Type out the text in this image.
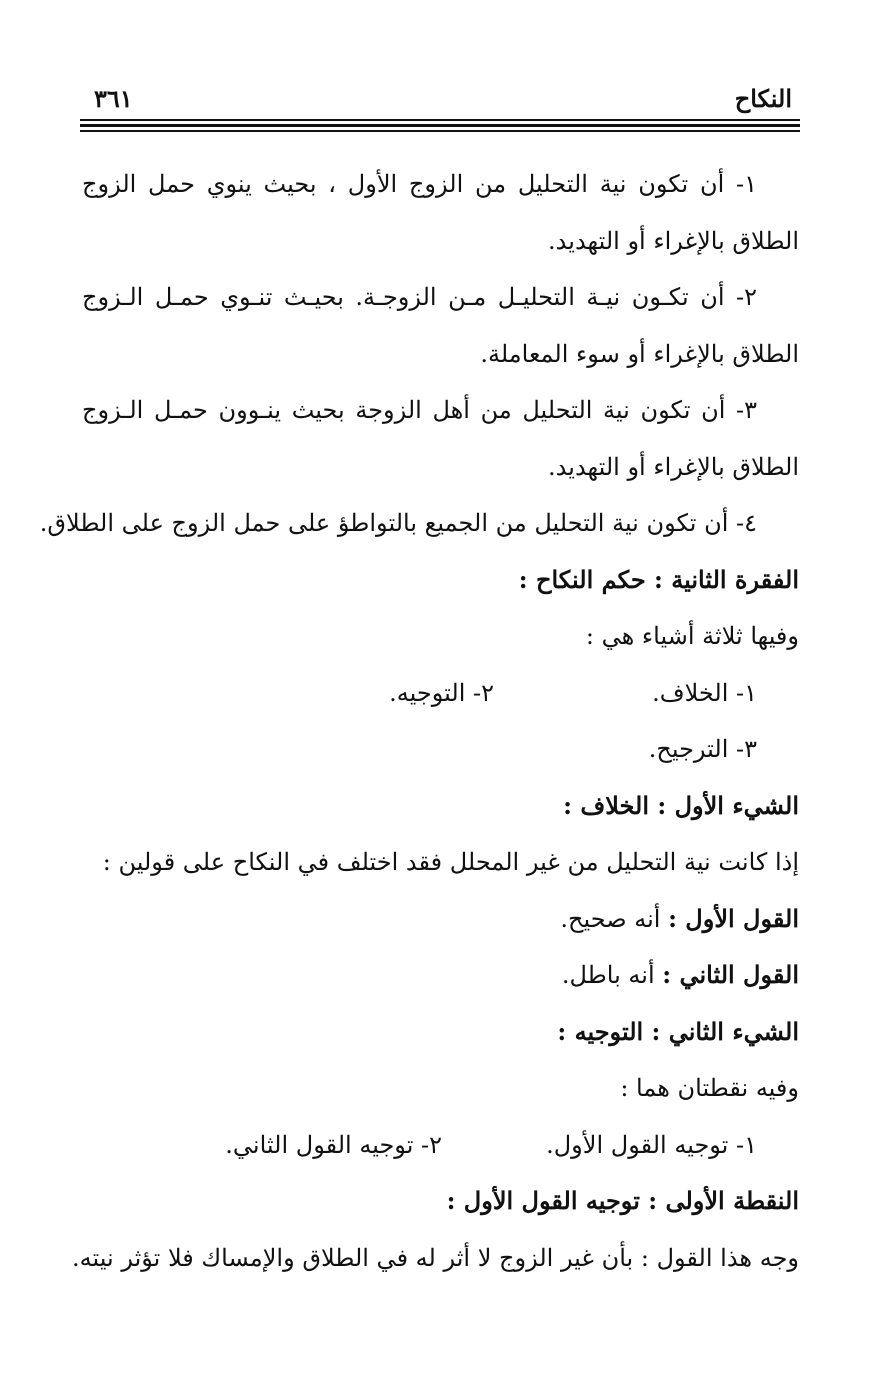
النكاح
٣٦١
١- أن تكون نية التحليل من الزوج الأول ، بحيث ينوي حمل الزوج
الطلاق بالإغراء أو التهديد.
٢- أن تكـون نيـة التحليـل مـن الزوجـة. بحيـث تنـوي حمـل الـزوج
الطلاق بالإغراء أو سوء المعاملة.
٣- أن تكون نية التحليل من أهل الزوجة بحيث ينـوون حمـل الـزوج
الطلاق بالإغراء أو التهديد.
٤- أن تكون نية التحليل من الجميع بالتواطؤ على حمل الزوج على الطلاق.
الفقرة الثانية : حكم النكاح :
وفيها ثلاثة أشياء هي :
١- الخلاف.
٢- التوجيه.
٣- الترجيح.
الشيء الأول : الخلاف :
إذا كانت نية التحليل من غير المحلل فقد اختلف في النكاح على قولين :
القول الأول : أنه صحيح.
القول الثاني : أنه باطل.
الشيء الثاني : التوجيه :
وفيه نقطتان هما :
١- توجيه القول الأول.
٢- توجيه القول الثاني.
النقطة الأولى : توجيه القول الأول :
وجه هذا القول : بأن غير الزوج لا أثر له في الطلاق والإمساك فلا تؤثر نيته.
